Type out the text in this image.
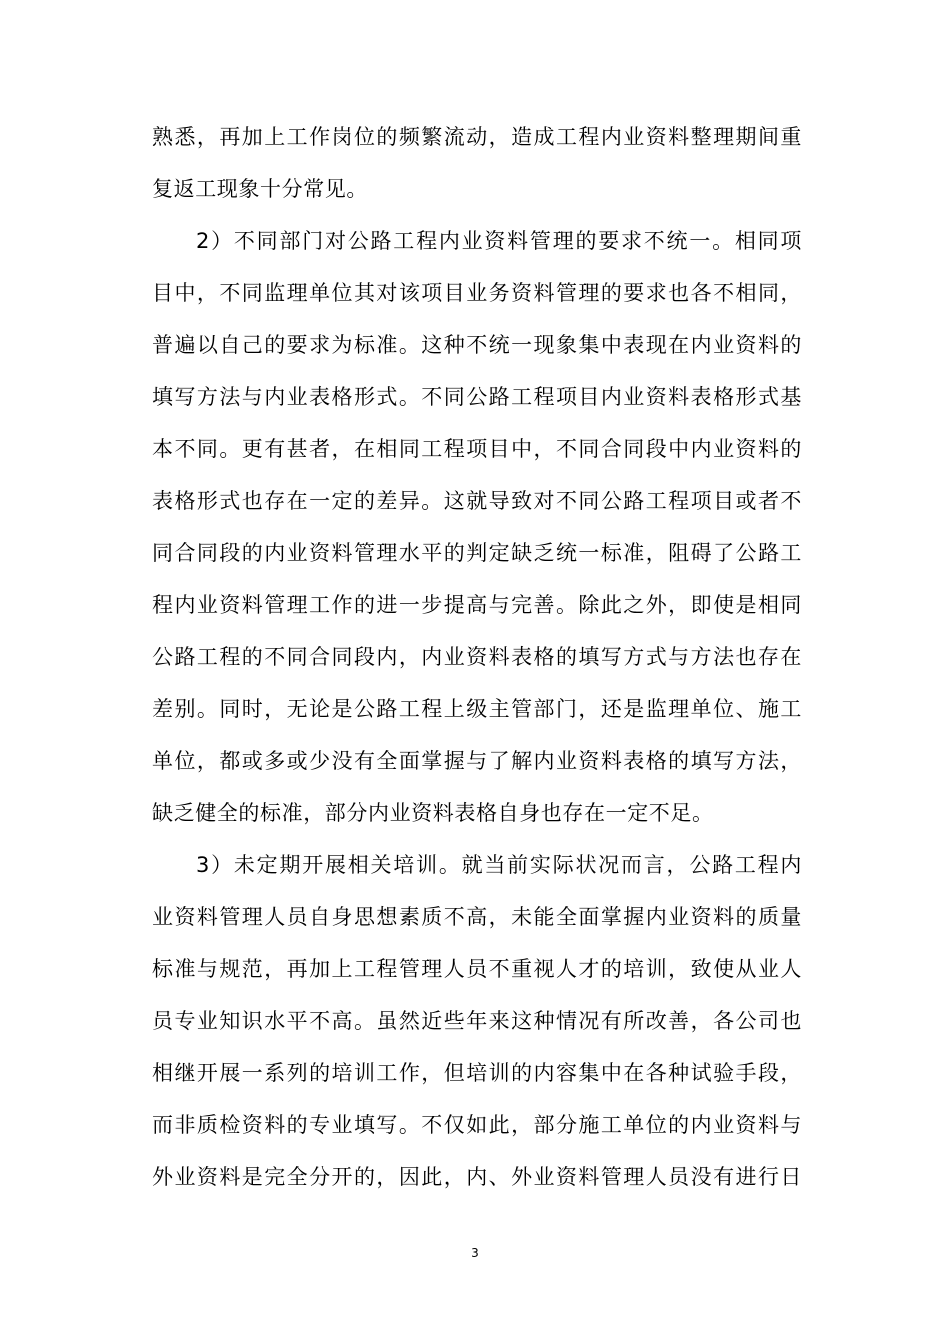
熟悉，再加上工作岗位的频繁流动，造成工程内业资料整理期间重
复返工现象十分常见。
2）不同部门对公路工程内业资料管理的要求不统一。相同项
目中，不同监理单位其对该项目业务资料管理的要求也各不相同，
普遍以自己的要求为标准。这种不统一现象集中表现在内业资料的
填写方法与内业表格形式。不同公路工程项目内业资料表格形式基
本不同。更有甚者，在相同工程项目中，不同合同段中内业资料的
表格形式也存在一定的差异。这就导致对不同公路工程项目或者不
同合同段的内业资料管理水平的判定缺乏统一标准，阻碍了公路工
程内业资料管理工作的进一步提高与完善。除此之外，即使是相同
公路工程的不同合同段内，内业资料表格的填写方式与方法也存在
差别。同时，无论是公路工程上级主管部门，还是监理单位、施工
单位，都或多或少没有全面掌握与了解内业资料表格的填写方法，
缺乏健全的标准，部分内业资料表格自身也存在一定不足。
3）未定期开展相关培训。就当前实际状况而言，公路工程内
业资料管理人员自身思想素质不高，未能全面掌握内业资料的质量
标准与规范，再加上工程管理人员不重视人才的培训，致使从业人
员专业知识水平不高。虽然近些年来这种情况有所改善，各公司也
相继开展一系列的培训工作，但培训的内容集中在各种试验手段，
而非质检资料的专业填写。不仅如此，部分施工单位的内业资料与
外业资料是完全分开的，因此，内、外业资料管理人员没有进行日
3
